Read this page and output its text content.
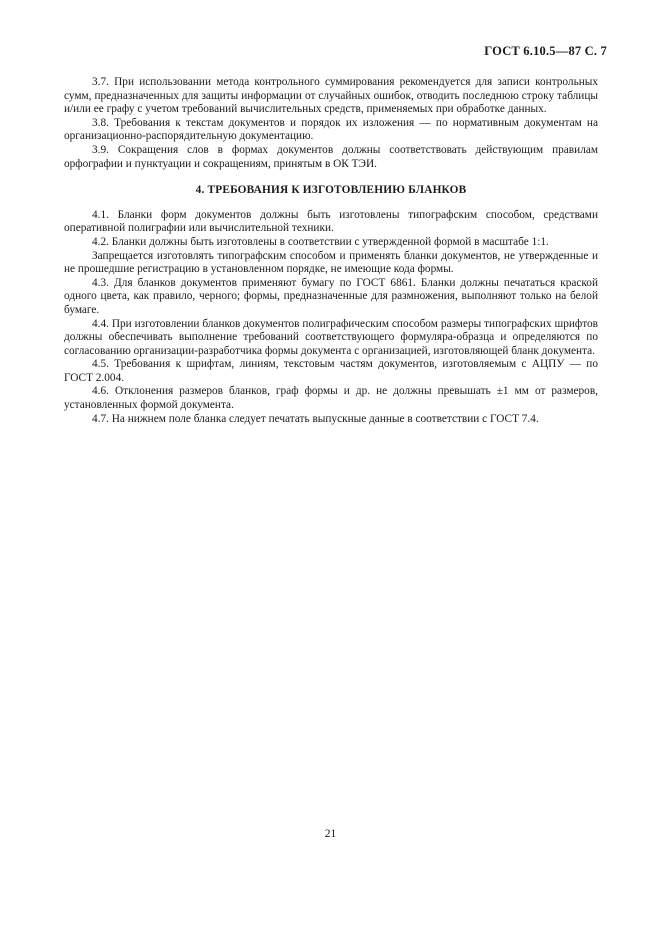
ГОСТ 6.10.5—87 С. 7

3.7. При использовании метода контрольного суммирования рекомендуется для записи контрольных сумм, предназначенных для защиты информации от случайных ошибок, отводить последнюю строку таблицы и/или ее графу с учетом требований вычислительных средств, применяемых при обработке данных.

3.8. Требования к текстам документов и порядок их изложения — по нормативным документам на организационно-распорядительную документацию.

3.9. Сокращения слов в формах документов должны соответствовать действующим правилам орфографии и пунктуации и сокращениям, принятым в ОК ТЭИ.

4. ТРЕБОВАНИЯ К ИЗГОТОВЛЕНИЮ БЛАНКОВ

4.1. Бланки форм документов должны быть изготовлены типографским способом, средствами оперативной полиграфии или вычислительной техники.

4.2. Бланки должны быть изготовлены в соответствии с утвержденной формой в масштабе 1:1.

Запрещается изготовлять типографским способом и применять бланки документов, не утвержденные и не прошедшие регистрацию в установленном порядке, не имеющие кода формы.

4.3. Для бланков документов применяют бумагу по ГОСТ 6861. Бланки должны печататься краской одного цвета, как правило, черного; формы, предназначенные для размножения, выполняют только на белой бумаге.

4.4. При изготовлении бланков документов полиграфическим способом размеры типографских шрифтов должны обеспечивать выполнение требований соответствующего формуляра-образца и определяются по согласованию организации-разработчика формы документа с организацией, изготовляющей бланк документа.

4.5. Требования к шрифтам, линиям, текстовым частям документов, изготовляемым с АЦПУ — по ГОСТ 2.004.

4.6. Отклонения размеров бланков, граф формы и др. не должны превышать ±1 мм от размеров, установленных формой документа.

4.7. На нижнем поле бланка следует печатать выпускные данные в соответствии с ГОСТ 7.4.

21
